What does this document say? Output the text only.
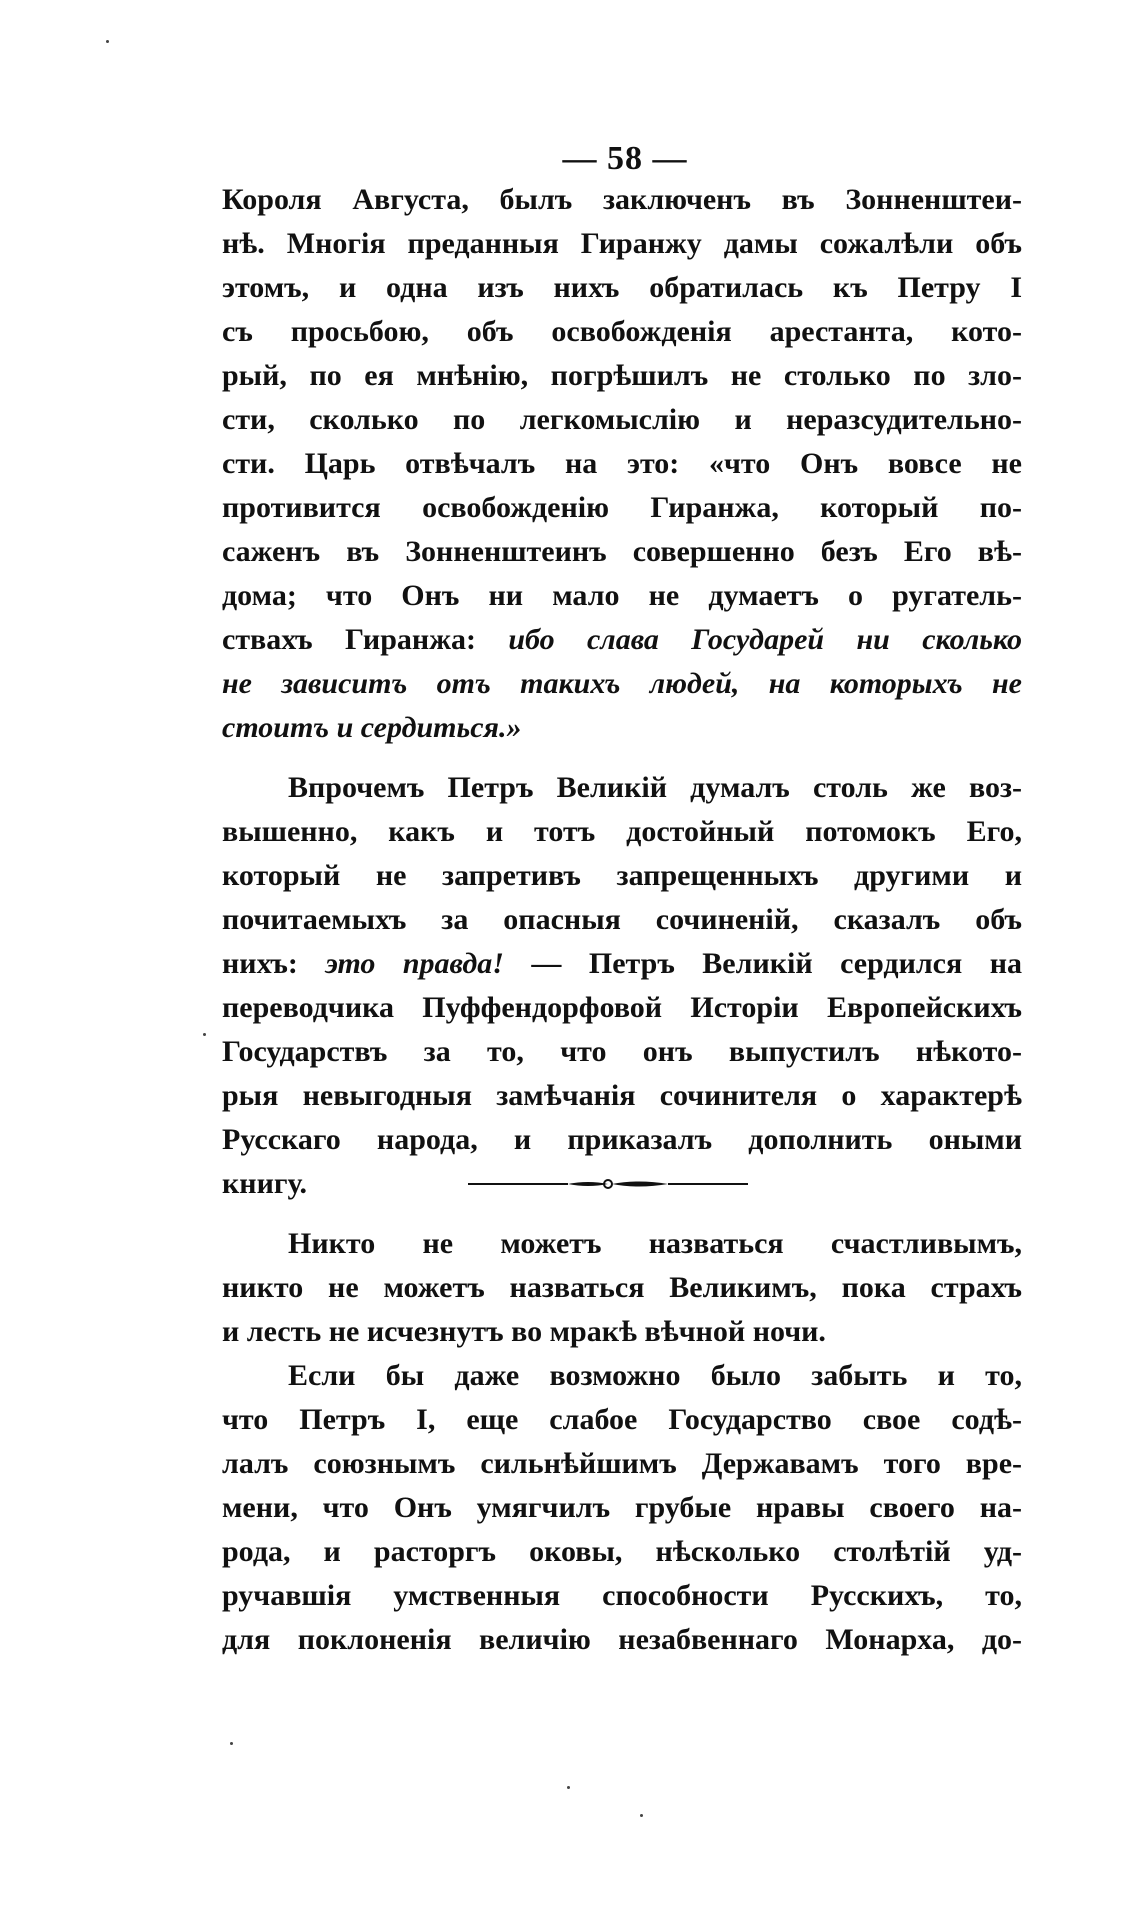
— 58 —
Короля Августа, былъ заключенъ въ Зонненштеи-
нѣ. Многія преданныя Гиранжу дамы сожалѣли объ
этомъ, и одна изъ нихъ обратилась къ Петру I
съ просьбою, объ освобожденія арестанта, кото-
рый, по ея мнѣнію, погрѣшилъ не столько по зло-
сти, сколько по легкомыслію и неразсудительно-
сти. Царь отвѣчалъ на это: «что Онъ вовсе не
противится освобожденію Гиранжа, который по-
саженъ въ Зонненштеинъ совершенно безъ Его вѣ-
дома; что Онъ ни мало не думаетъ о ругатель-
ствахъ Гиранжа: ибо слава Государей ни сколько
не зависитъ отъ такихъ людей, на которыхъ не
стоитъ и сердиться.»
Впрочемъ Петръ Великій думалъ столь же воз-
вышенно, какъ и тотъ достойный потомокъ Его,
который не запретивъ запрещенныхъ другими и
почитаемыхъ за опасныя сочиненій, сказалъ объ
нихъ: это правда! — Петръ Великій сердился на
переводчика Пуффендорфовой Исторіи Европейскихъ
Государствъ за то, что онъ выпустилъ нѣкото-
рыя невыгодныя замѣчанія сочинителя о характерѣ
Русскаго народа, и приказалъ дополнить оными
книгу.
Никто не можетъ назваться счастливымъ,
никто не можетъ назваться Великимъ, пока страхъ
и лесть не исчезнутъ во мракѣ вѣчной ночи.
Если бы даже возможно было забыть и то,
что Петръ I, еще слабое Государство свое содѣ-
лалъ союзнымъ сильнѣйшимъ Державамъ того вре-
мени, что Онъ умягчилъ грубые нравы своего на-
рода, и расторгъ оковы, нѣсколько столѣтій уд-
ручавшія умственныя способности Русскихъ, то,
для поклоненія величію незабвеннаго Монарха, до-
